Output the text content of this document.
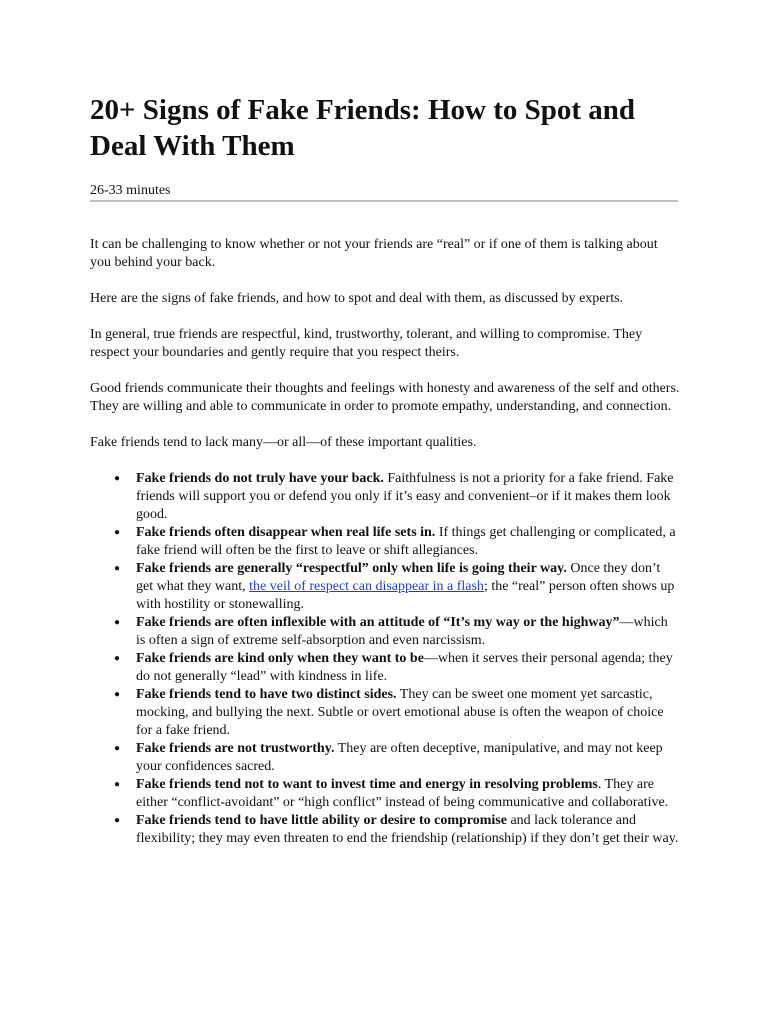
20+ Signs of Fake Friends: How to Spot and Deal With Them
26-33 minutes

It can be challenging to know whether or not your friends are “real” or if one of them is talking about you behind your back.

Here are the signs of fake friends, and how to spot and deal with them, as discussed by experts.

In general, true friends are respectful, kind, trustworthy, tolerant, and willing to compromise. They respect your boundaries and gently require that you respect theirs.

Good friends communicate their thoughts and feelings with honesty and awareness of the self and others. They are willing and able to communicate in order to promote empathy, understanding, and connection.

Fake friends tend to lack many—or all—of these important qualities.

● Fake friends do not truly have your back. Faithfulness is not a priority for a fake friend. Fake friends will support you or defend you only if it’s easy and convenient–or if it makes them look good.
● Fake friends often disappear when real life sets in. If things get challenging or complicated, a fake friend will often be the first to leave or shift allegiances.
● Fake friends are generally “respectful” only when life is going their way. Once they don’t get what they want, the veil of respect can disappear in a flash; the “real” person often shows up with hostility or stonewalling.
● Fake friends are often inflexible with an attitude of “It’s my way or the highway”—which is often a sign of extreme self-absorption and even narcissism.
● Fake friends are kind only when they want to be—when it serves their personal agenda; they do not generally “lead” with kindness in life.
● Fake friends tend to have two distinct sides. They can be sweet one moment yet sarcastic, mocking, and bullying the next. Subtle or overt emotional abuse is often the weapon of choice for a fake friend.
● Fake friends are not trustworthy. They are often deceptive, manipulative, and may not keep your confidences sacred.
● Fake friends tend not to want to invest time and energy in resolving problems. They are either “conflict-avoidant” or “high conflict” instead of being communicative and collaborative.
● Fake friends tend to have little ability or desire to compromise and lack tolerance and flexibility; they may even threaten to end the friendship (relationship) if they don’t get their way.
